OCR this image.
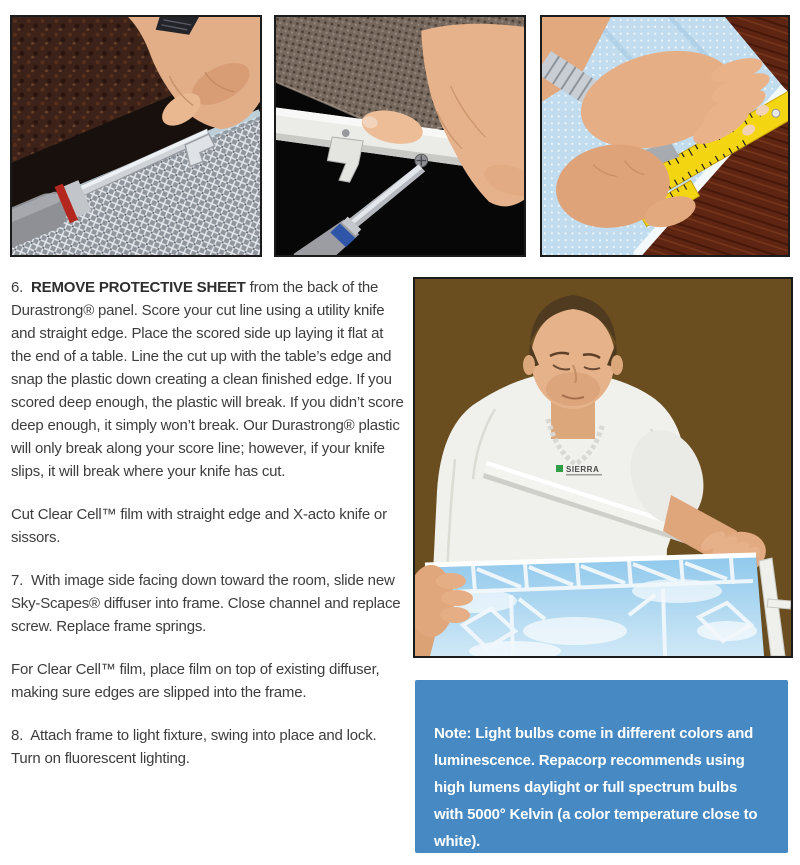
6.  REMOVE PROTECTIVE SHEET from the back of the Durastrong® panel. Score your cut line using a utility knife and straight edge. Place the scored side up laying it flat at the end of a table. Line the cut up with the table’s edge and snap the plastic down creating a clean finished edge. If you scored deep enough, the plastic will break. If you didn’t score deep enough, it simply won’t break. Our Durastrong® plastic will only break along your score line; however, if your knife slips, it will break where your knife has cut.

Cut Clear Cell™ film with straight edge and X-acto knife or sissors.

7.  With image side facing down toward the room, slide new Sky-Scapes® diffuser into frame. Close channel and replace screw. Replace frame springs.

For Clear Cell™ film, place film on top of existing diffuser, making sure edges are slipped into the frame.

8.  Attach frame to light fixture, swing into place and lock. Turn on fluorescent lighting.

SIERRA

Note: Light bulbs come in different colors and luminescence. Repacorp recommends using high lumens daylight or full spectrum bulbs with 5000° Kelvin (a color temperature close to white).
